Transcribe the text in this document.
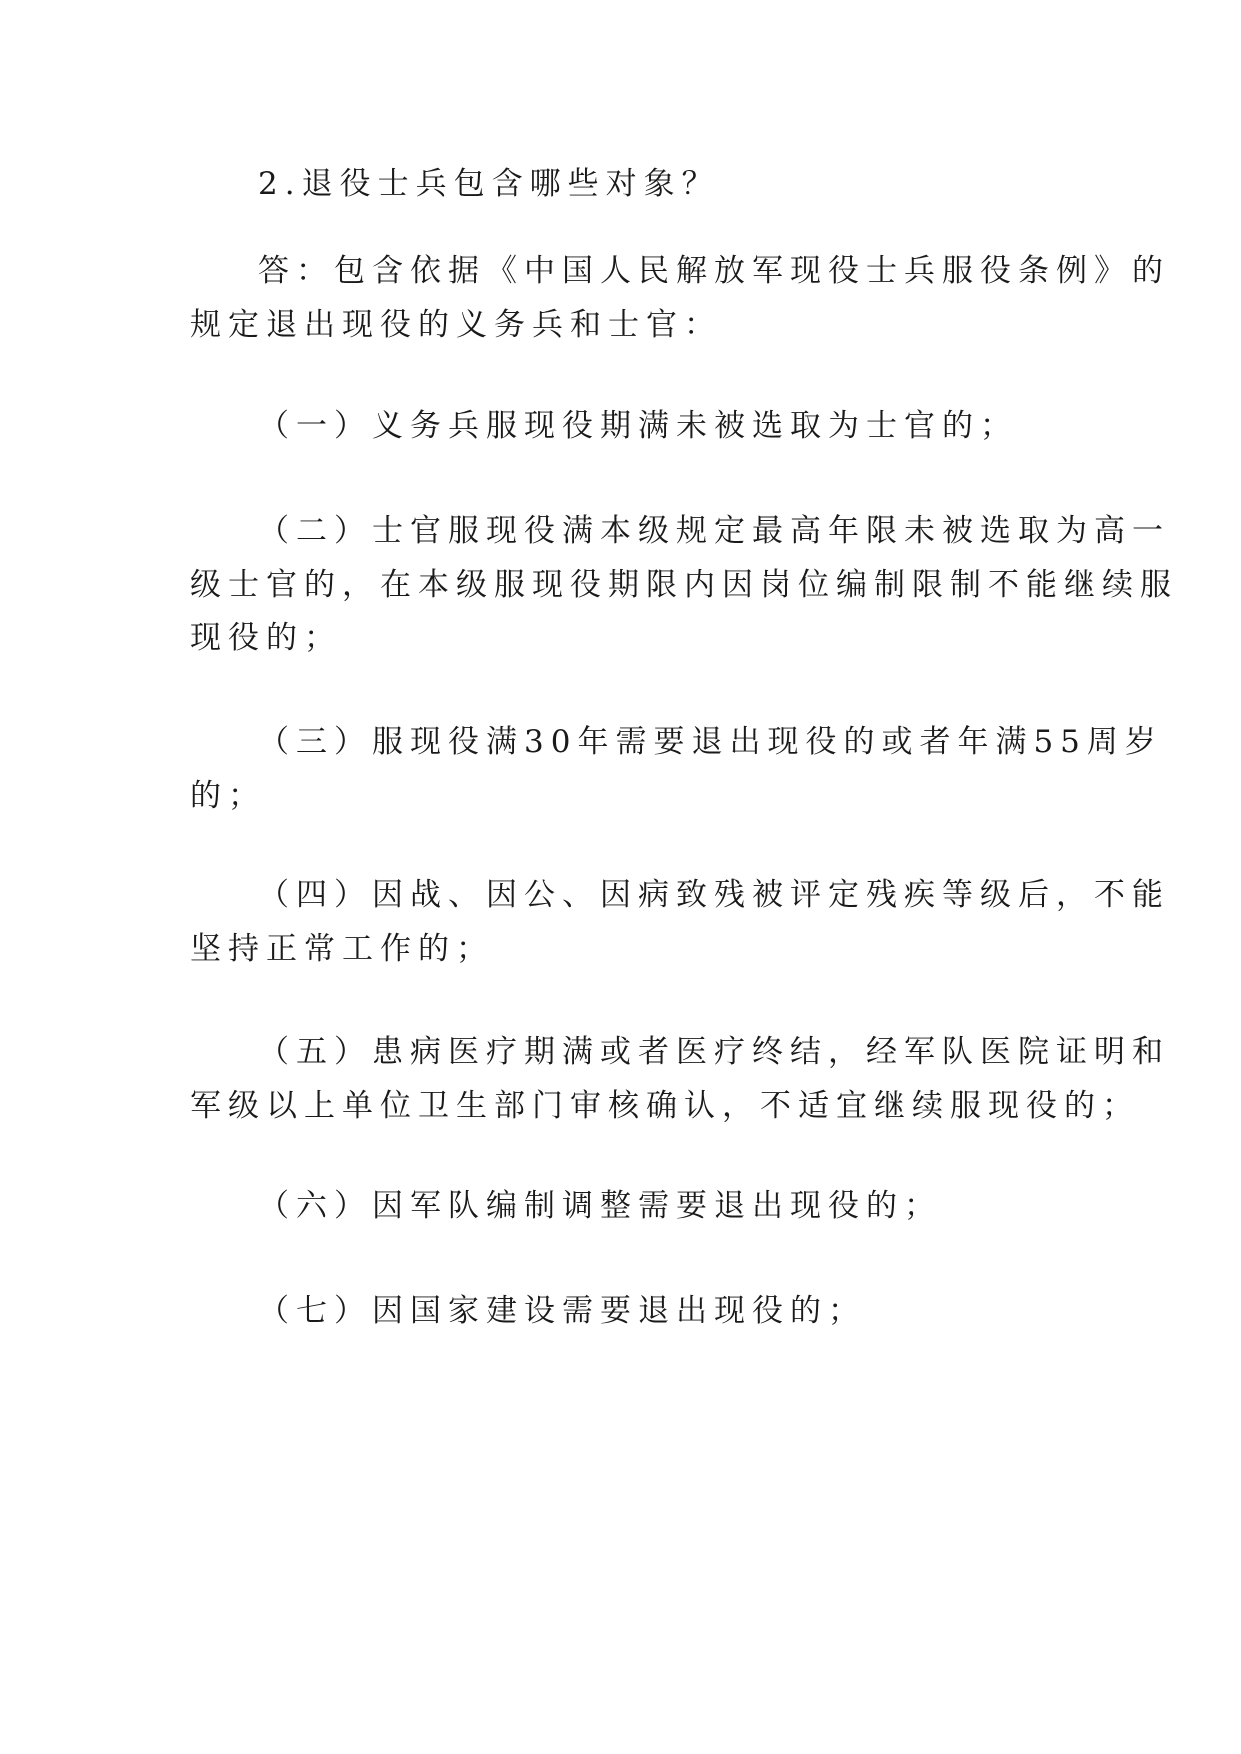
2.退役士兵包含哪些对象？
答：包含依据《中国人民解放军现役士兵服役条例》的
规定退出现役的义务兵和士官：
（一）义务兵服现役期满未被选取为士官的；
（二）士官服现役满本级规定最高年限未被选取为高一
级士官的，在本级服现役期限内因岗位编制限制不能继续服
现役的；
（三）服现役满30年需要退出现役的或者年满55周岁
的；
（四）因战、因公、因病致残被评定残疾等级后，不能
坚持正常工作的；
（五）患病医疗期满或者医疗终结，经军队医院证明和
军级以上单位卫生部门审核确认，不适宜继续服现役的；
（六）因军队编制调整需要退出现役的；
（七）因国家建设需要退出现役的；
